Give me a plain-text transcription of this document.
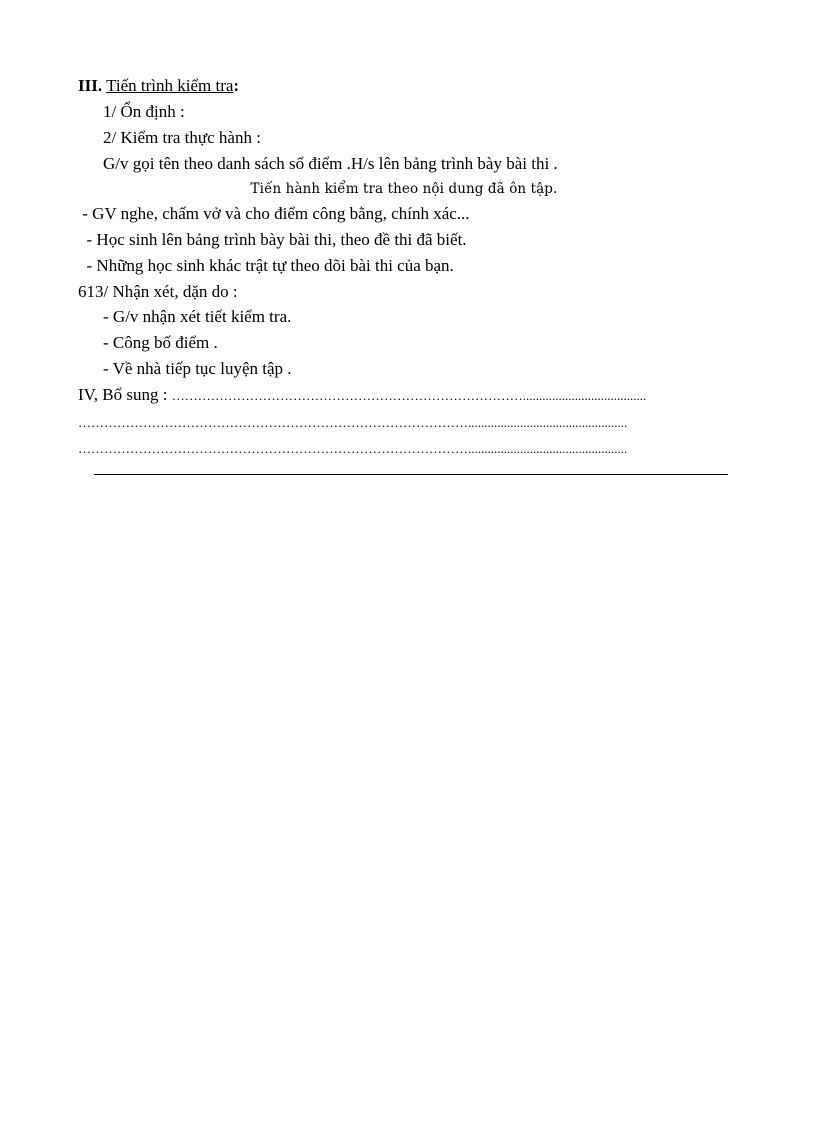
III. Tiến trình kiểm tra:
1/ Ổn định :
2/ Kiểm tra thực hành :
G/v gọi tên theo danh sách sổ điểm .H/s lên bảng trình bày bài thi .
Tiến hành kiểm tra theo nội dung đã ôn tập.
- GV nghe, chấm vở và cho điểm công bằng, chính xác...
- Học sinh lên bảng trình bày bài thi, theo đề thi đã biết.
- Những học sinh khác trật tự theo dõi bài thi của bạn.
613/ Nhận xét, dặn do :
- G/v nhận xét tiết kiểm tra.
- Công bố điểm .
- Về nhà tiếp tục luyện tập .
IV, Bổ sung : ………………………………………………………………………......................................
……………………………………………………………………………….................................................
……………………………………………………………………………….................................................
